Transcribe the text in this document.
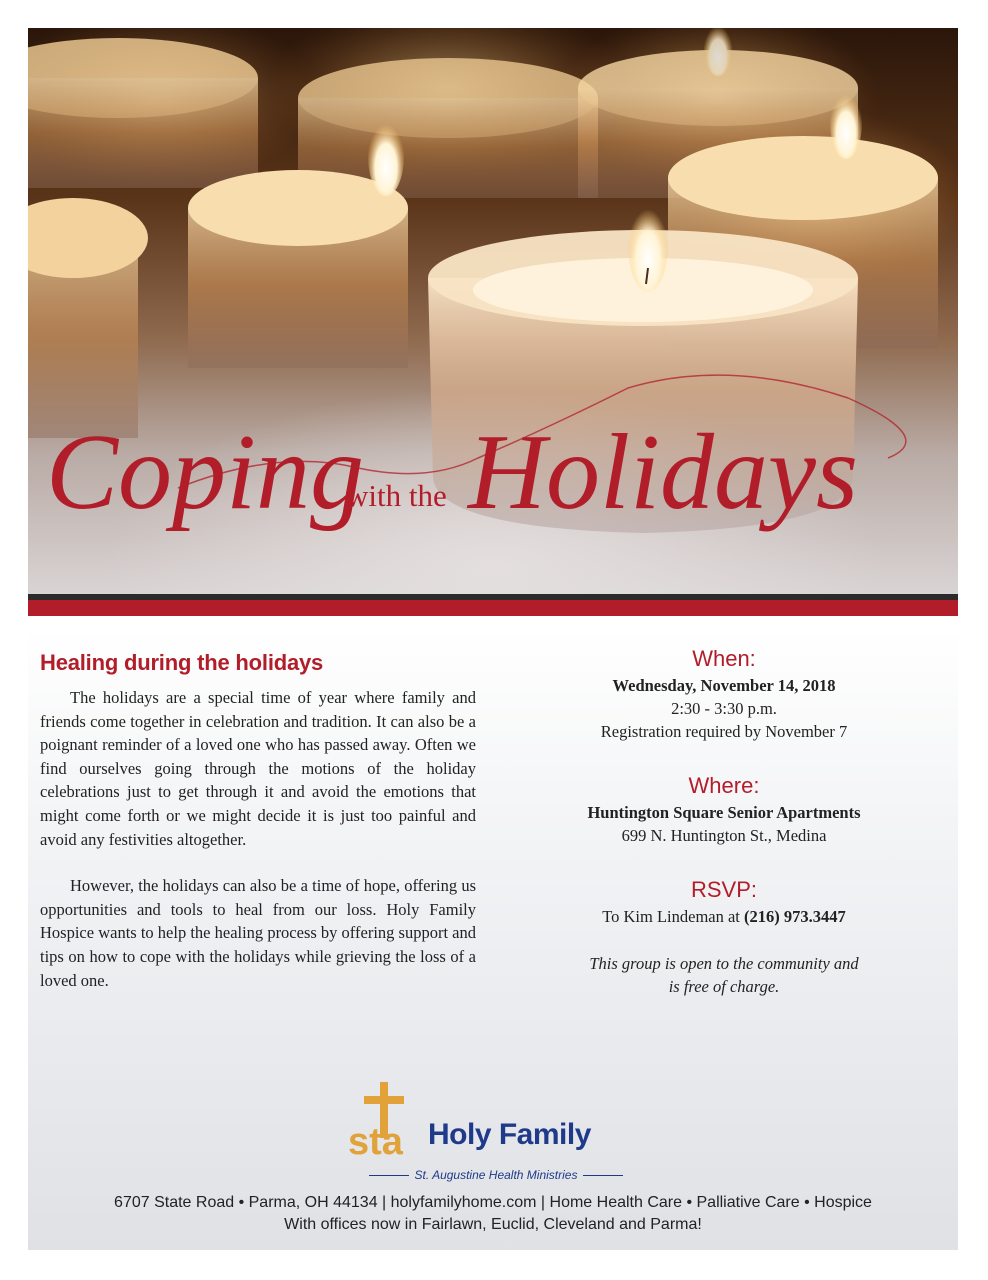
Coping
with the Holidays
Healing during the holidays

The holidays are a special time of year where family and friends come together in celebration and tradition. It can also be a poignant reminder of a loved one who has passed away. Often we find ourselves going through the motions of the holiday celebrations just to get through it and avoid the emotions that might come forth or we might decide it is just too painful and avoid any festivities altogether.

However, the holidays can also be a time of hope, offering us opportunities and tools to heal from our loss. Holy Family Hospice wants to help the healing process by offering support and tips on how to cope with the holidays while grieving the loss of a loved one.

When:
Wednesday, November 14, 2018
2:30 - 3:30 p.m.
Registration required by November 7
Where:
Huntington Square Senior Apartments
699 N. Huntington St., Medina
RSVP:
To Kim Lindeman at (216) 973.3447
This group is open to the community and
is free of charge.
sta Holy Family
St. Augustine Health Ministries
6707 State Road • Parma, OH 44134 | holyfamilyhome.com | Home Health Care • Palliative Care • Hospice
With offices now in Fairlawn, Euclid, Cleveland and Parma!
